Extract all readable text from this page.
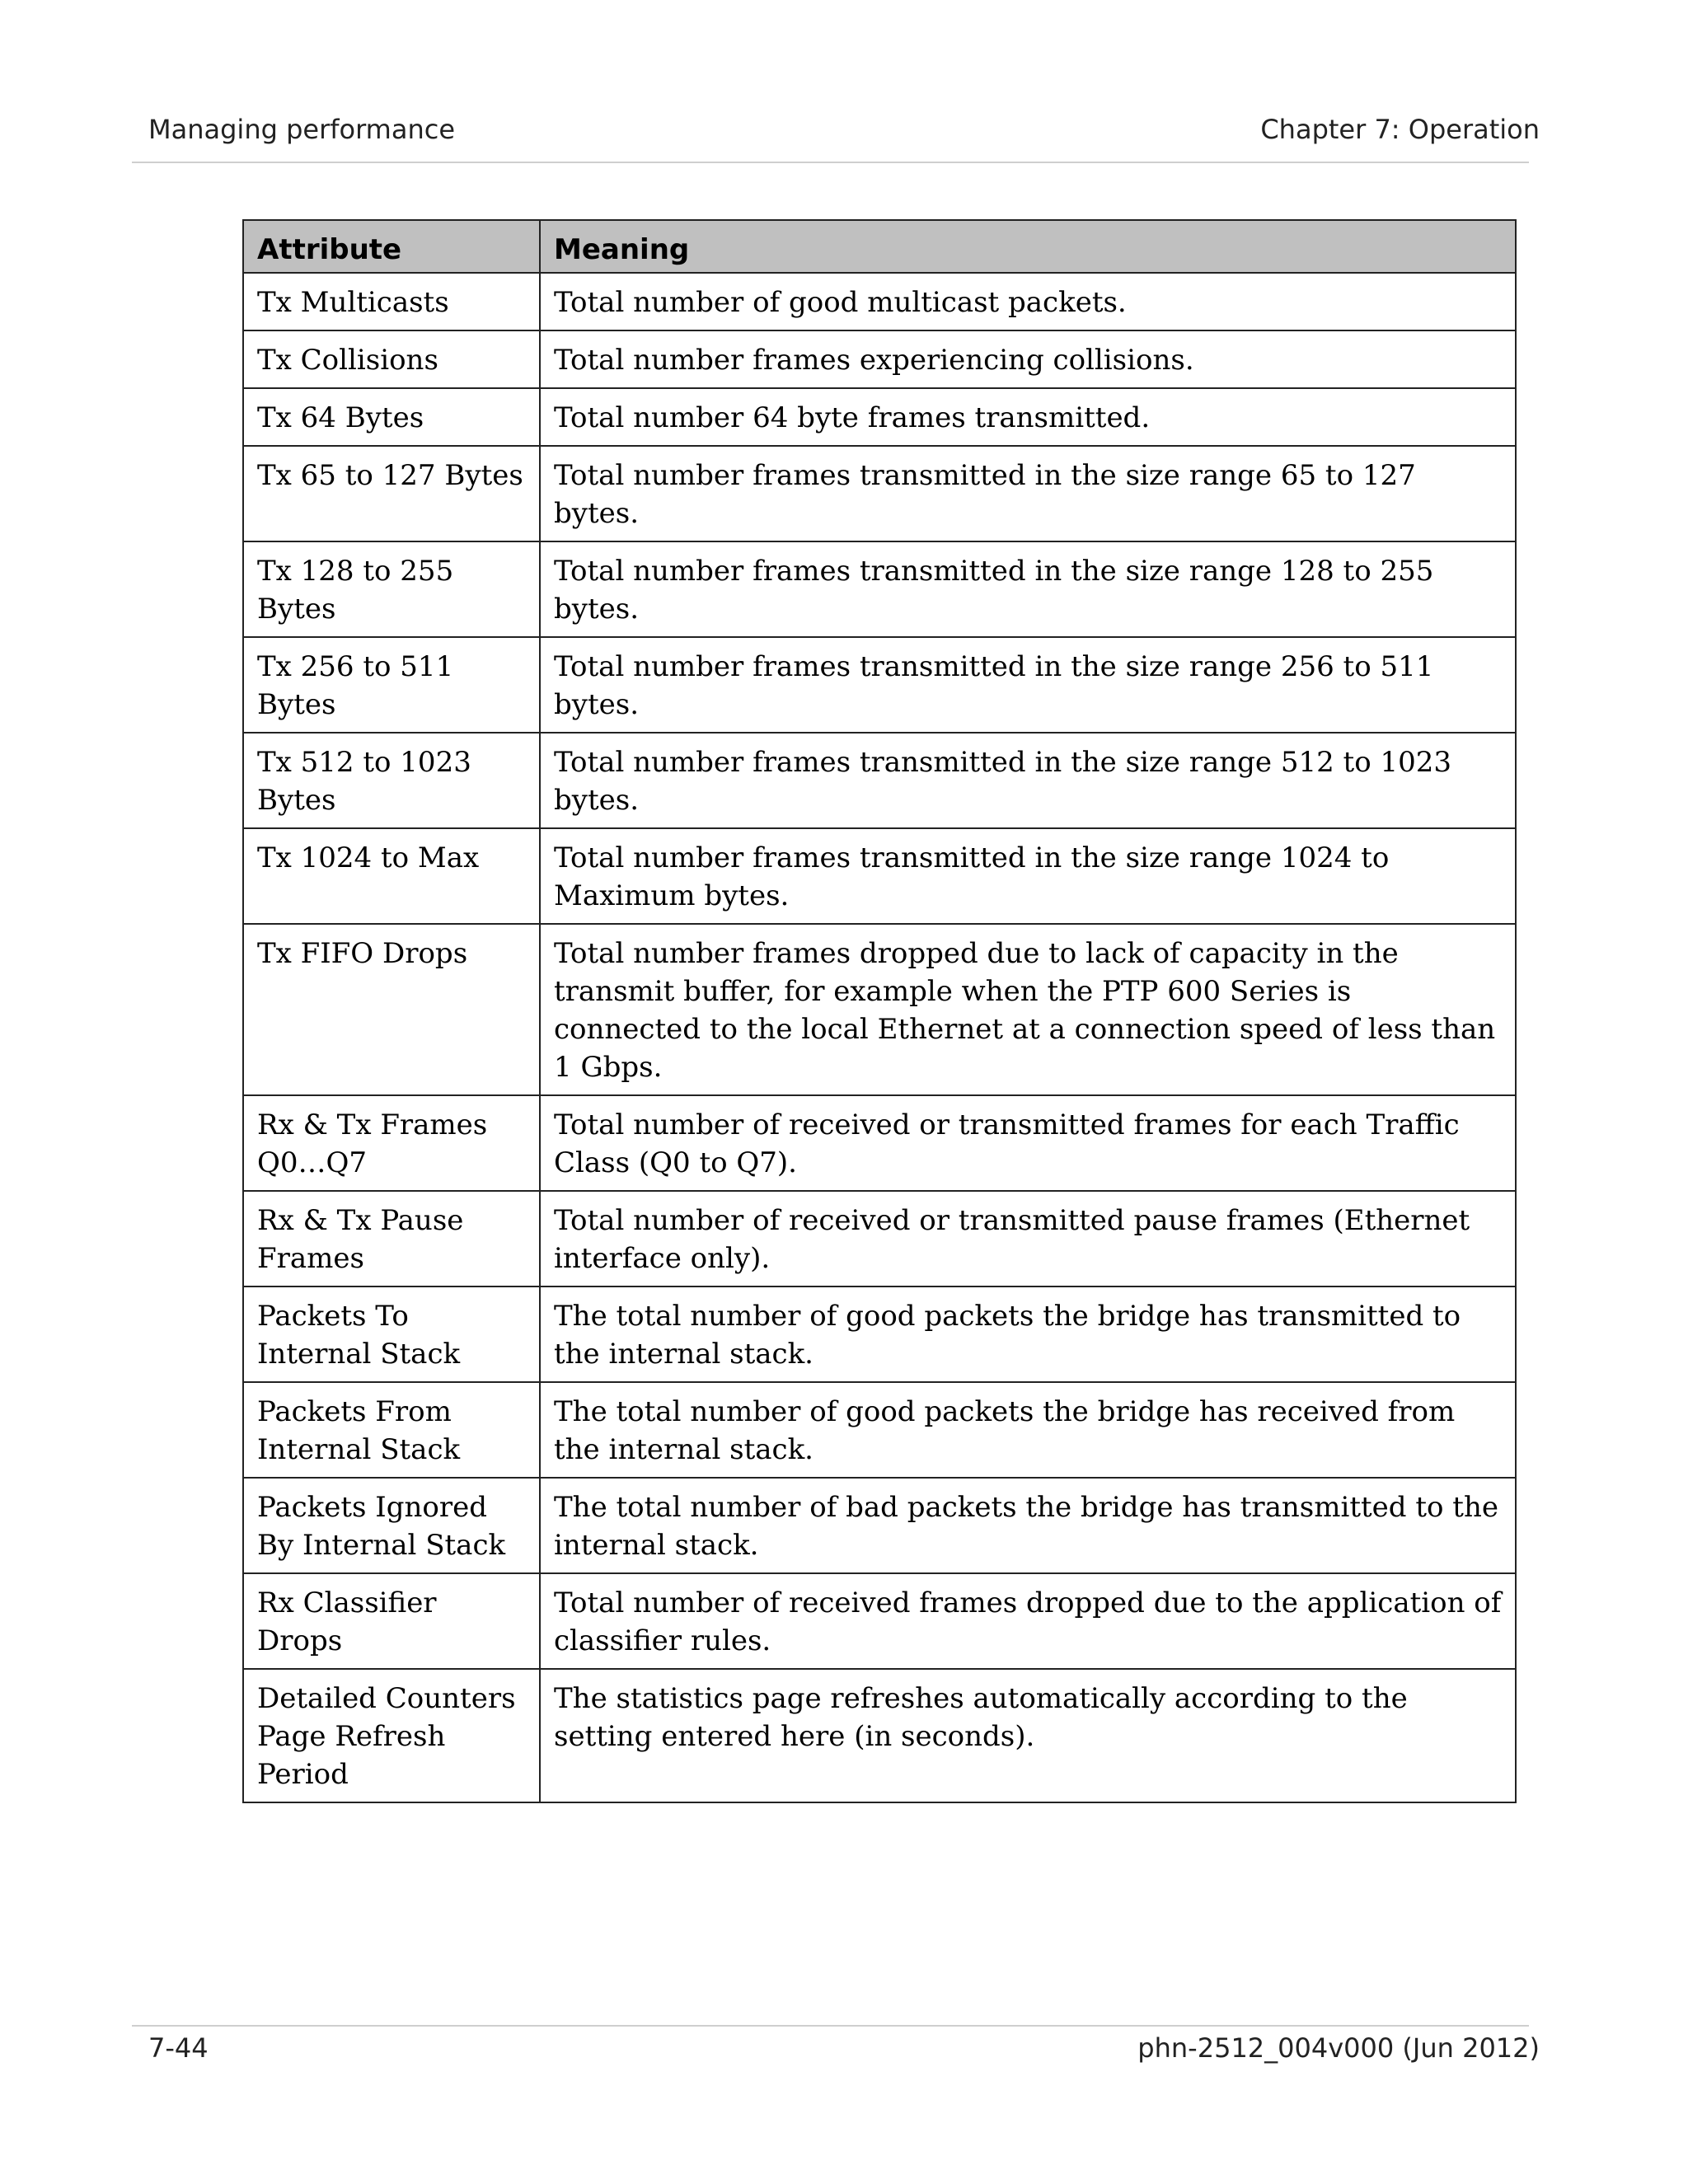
Managing performance	Chapter 7: Operation
Attribute	Meaning
Tx Multicasts	Total number of good multicast packets.
Tx Collisions	Total number frames experiencing collisions.
Tx 64 Bytes	Total number 64 byte frames transmitted.
Tx 65 to 127 Bytes	Total number frames transmitted in the size range 65 to 127 bytes.
Tx 128 to 255 Bytes	Total number frames transmitted in the size range 128 to 255 bytes.
Tx 256 to 511 Bytes	Total number frames transmitted in the size range 256 to 511 bytes.
Tx 512 to 1023 Bytes	Total number frames transmitted in the size range 512 to 1023 bytes.
Tx 1024 to Max	Total number frames transmitted in the size range 1024 to Maximum bytes.
Tx FIFO Drops	Total number frames dropped due to lack of capacity in the transmit buffer, for example when the PTP 600 Series is connected to the local Ethernet at a connection speed of less than 1 Gbps.
Rx & Tx Frames Q0…Q7	Total number of received or transmitted frames for each Traffic Class (Q0 to Q7).
Rx & Tx Pause Frames	Total number of received or transmitted pause frames (Ethernet interface only).
Packets To Internal Stack	The total number of good packets the bridge has transmitted to the internal stack.
Packets From Internal Stack	The total number of good packets the bridge has received from the internal stack.
Packets Ignored By Internal Stack	The total number of bad packets the bridge has transmitted to the internal stack.
Rx Classifier Drops	Total number of received frames dropped due to the application of classifier rules.
Detailed Counters Page Refresh Period	The statistics page refreshes automatically according to the setting entered here (in seconds).
7-44	phn-2512_004v000 (Jun 2012)
